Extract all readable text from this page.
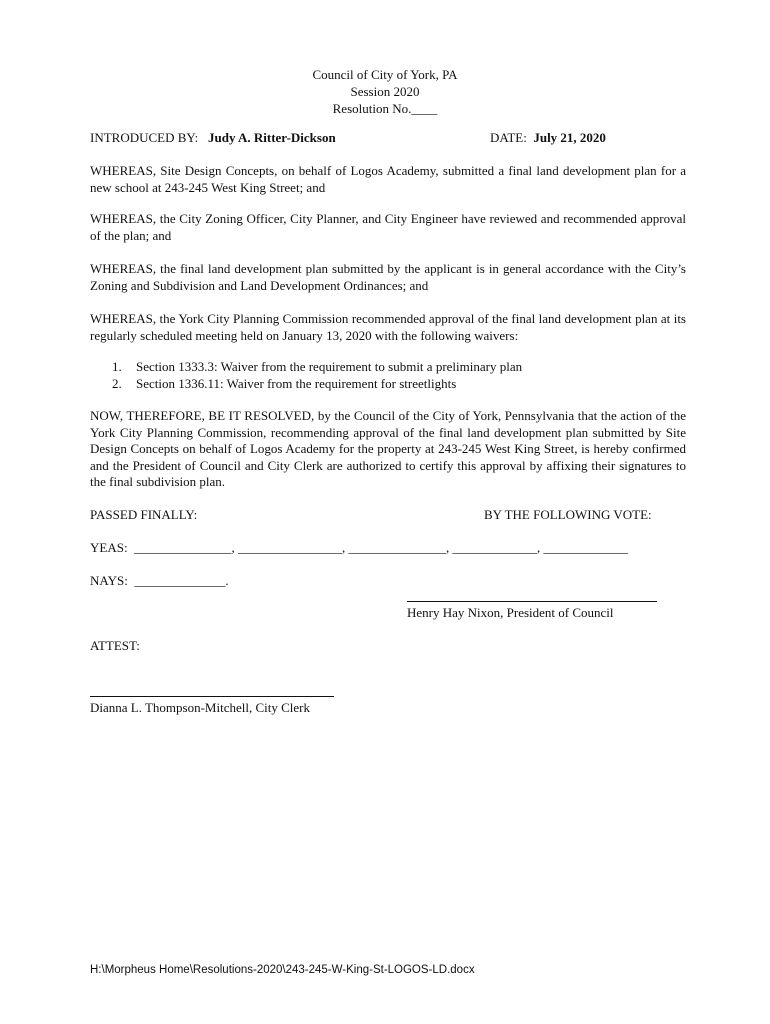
Council of City of York, PA
Session 2020
Resolution No.____
INTRODUCED BY: Judy A. Ritter-Dickson	DATE: July 21, 2020
WHEREAS, Site Design Concepts, on behalf of Logos Academy, submitted a final land development plan for a new school at 243-245 West King Street; and
WHEREAS, the City Zoning Officer, City Planner, and City Engineer have reviewed and recommended approval of the plan; and
WHEREAS, the final land development plan submitted by the applicant is in general accordance with the City’s Zoning and Subdivision and Land Development Ordinances; and
WHEREAS, the York City Planning Commission recommended approval of the final land development plan at its regularly scheduled meeting held on January 13, 2020 with the following waivers:
1.	Section 1333.3: Waiver from the requirement to submit a preliminary plan
2.	Section 1336.11: Waiver from the requirement for streetlights
NOW, THEREFORE, BE IT RESOLVED, by the Council of the City of York, Pennsylvania that the action of the York City Planning Commission, recommending approval of the final land development plan submitted by Site Design Concepts on behalf of Logos Academy for the property at 243-245 West King Street, is hereby confirmed and the President of Council and City Clerk are authorized to certify this approval by affixing their signatures to the final subdivision plan.
PASSED FINALLY:	BY THE FOLLOWING VOTE:
YEAS:  _______________, ________________, _______________, _____________, _____________
NAYS:  ______________.
Henry Hay Nixon, President of Council
ATTEST:
Dianna L. Thompson-Mitchell, City Clerk
H:\Morpheus Home\Resolutions-2020\243-245-W-King-St-LOGOS-LD.docx
